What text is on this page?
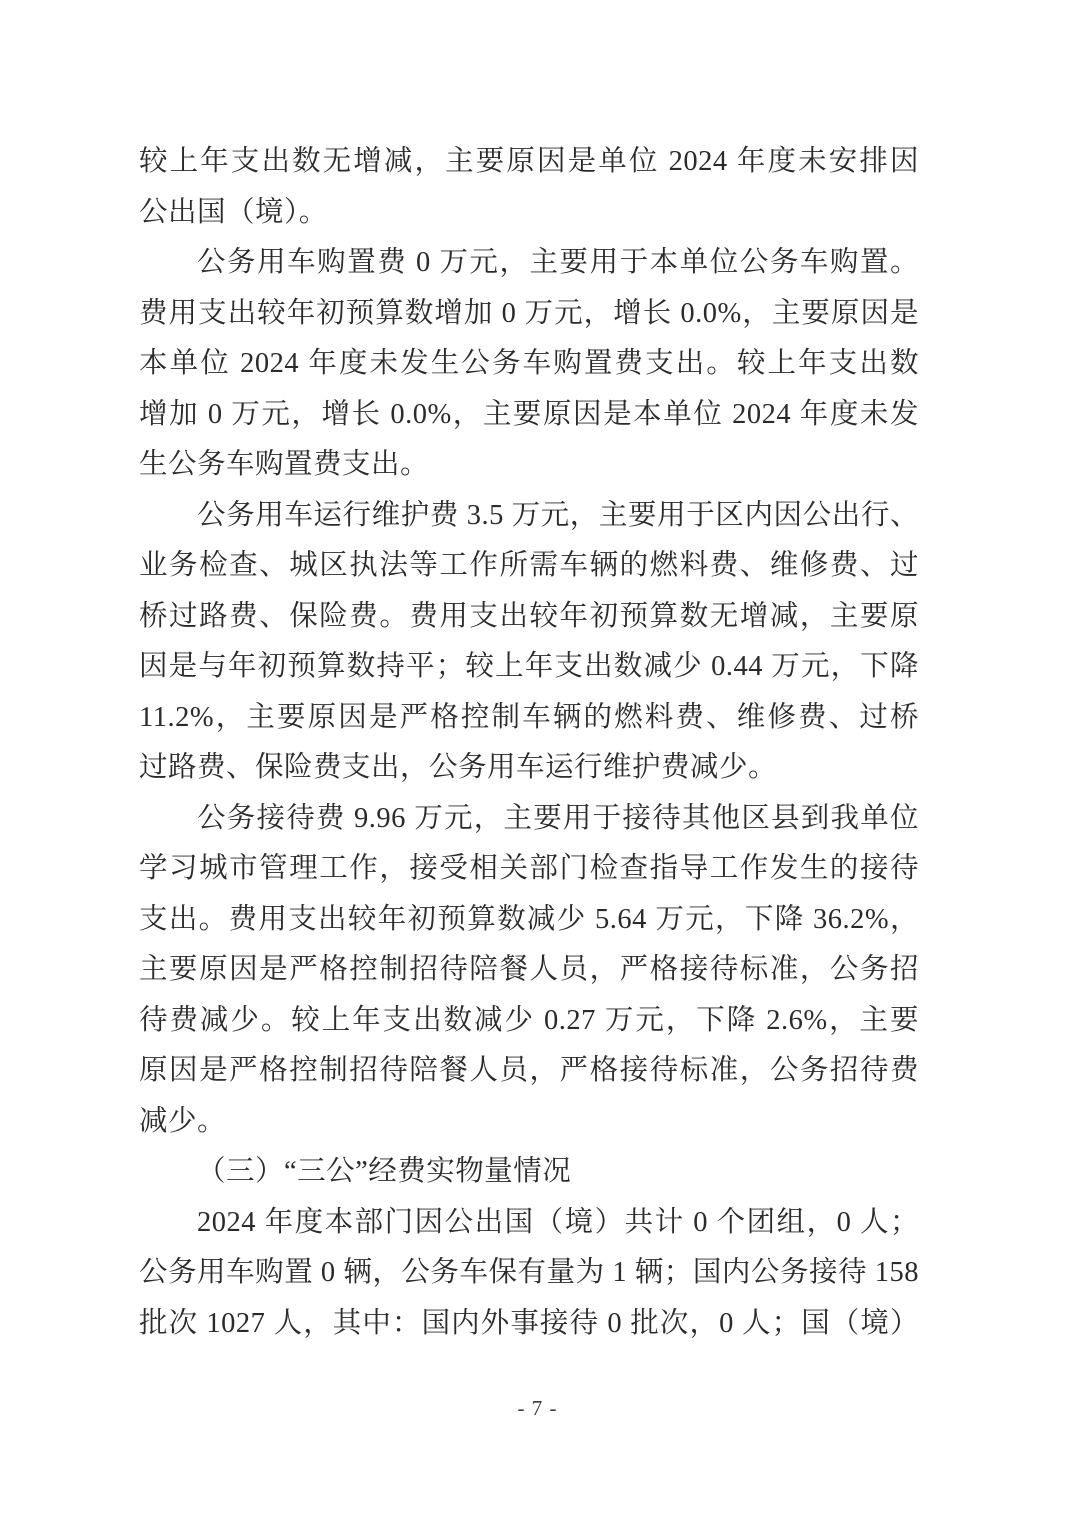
较上年支出数无增减，主要原因是单位 2024 年度未安排因
公出国（境）。
公务用车购置费 0 万元，主要用于本单位公务车购置。
费用支出较年初预算数增加 0 万元，增长 0.0%，主要原因是
本单位 2024 年度未发生公务车购置费支出。较上年支出数
增加 0 万元，增长 0.0%，主要原因是本单位 2024 年度未发
生公务车购置费支出。
公务用车运行维护费 3.5 万元，主要用于区内因公出行、
业务检查、城区执法等工作所需车辆的燃料费、维修费、过
桥过路费、保险费。费用支出较年初预算数无增减，主要原
因是与年初预算数持平；较上年支出数减少 0.44 万元，下降
11.2%，主要原因是严格控制车辆的燃料费、维修费、过桥
过路费、保险费支出，公务用车运行维护费减少。
公务接待费 9.96 万元，主要用于接待其他区县到我单位
学习城市管理工作，接受相关部门检查指导工作发生的接待
支出。费用支出较年初预算数减少 5.64 万元，下降 36.2%，
主要原因是严格控制招待陪餐人员，严格接待标准，公务招
待费减少。较上年支出数减少 0.27 万元，下降 2.6%，主要
原因是严格控制招待陪餐人员，严格接待标准，公务招待费
减少。
（三）“三公”经费实物量情况
2024 年度本部门因公出国（境）共计 0 个团组，0 人；
公务用车购置 0 辆，公务车保有量为 1 辆；国内公务接待 158
批次 1027 人，其中：国内外事接待 0 批次，0 人；国（境）
- 7 -
